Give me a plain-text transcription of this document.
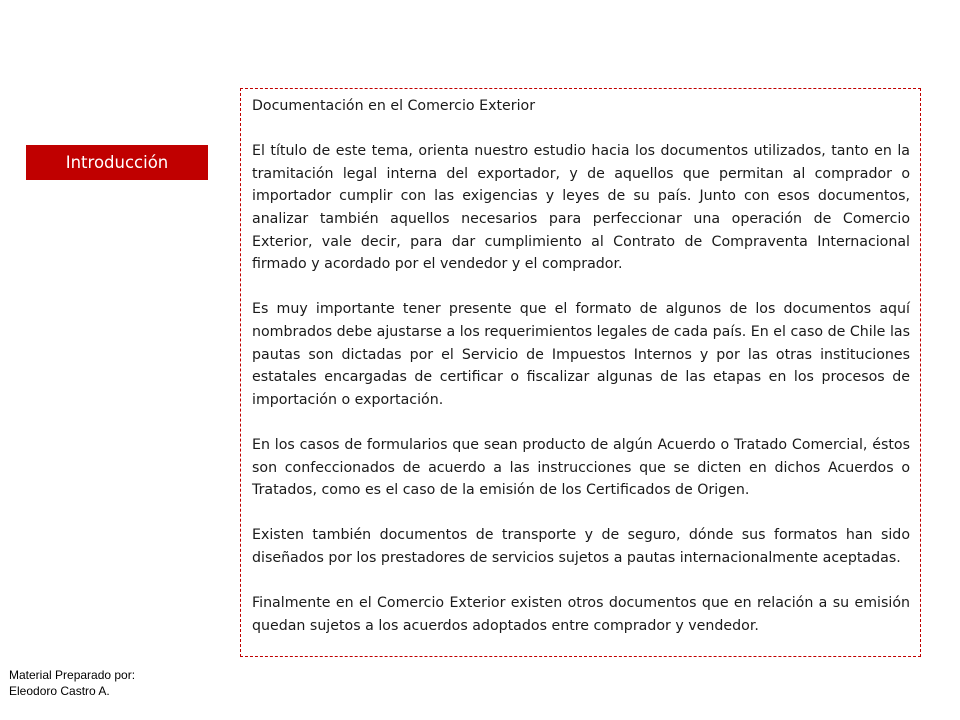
Introducción
Documentación en el Comercio Exterior

El título de este tema, orienta nuestro estudio hacia los documentos utilizados, tanto en la tramitación legal interna del exportador, y de aquellos que permitan al comprador o importador cumplir con las exigencias y leyes de su país. Junto con esos documentos, analizar también aquellos necesarios para perfeccionar una operación de Comercio Exterior, vale decir, para dar cumplimiento al Contrato de Compraventa Internacional firmado y acordado por el vendedor y el comprador.

Es muy importante tener presente que el formato de algunos de los documentos aquí nombrados debe ajustarse a los requerimientos legales de cada país. En el caso de Chile las pautas son dictadas por el Servicio de Impuestos Internos y por las otras instituciones estatales encargadas de certificar o fiscalizar algunas de las etapas en los procesos de importación o exportación.

En los casos de formularios que sean producto de algún Acuerdo o Tratado Comercial, éstos son confeccionados de acuerdo a las instrucciones que se dicten en dichos Acuerdos o Tratados, como es el caso de la emisión de los Certificados de Origen.

Existen también documentos de transporte y de seguro, dónde sus formatos han sido diseñados por los prestadores de servicios sujetos a pautas internacionalmente aceptadas.

Finalmente en el Comercio Exterior existen otros documentos que en relación a su emisión quedan sujetos a los acuerdos adoptados entre comprador y vendedor.

Material Preparado por:
Eleodoro Castro A.
